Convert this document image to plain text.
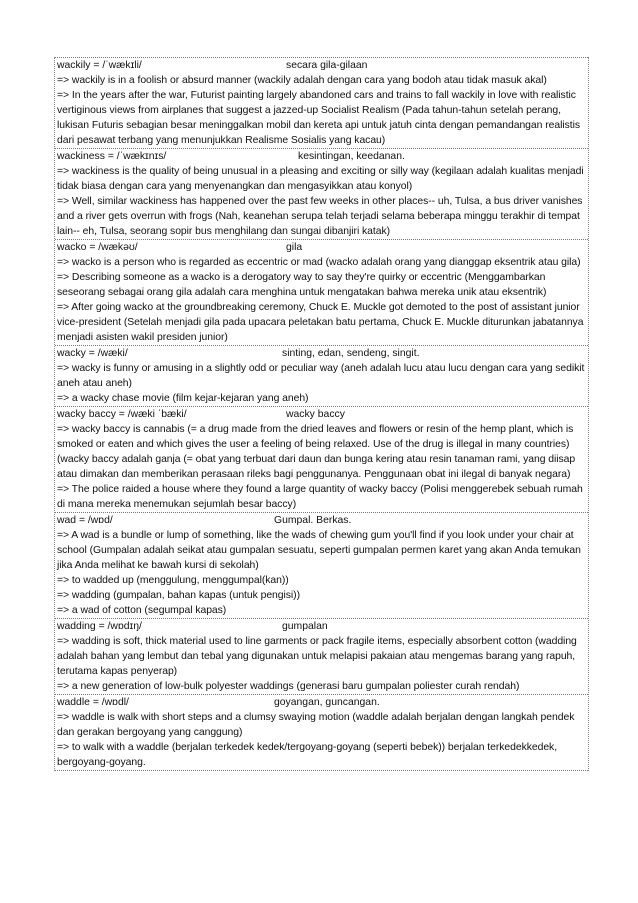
wackily = /ˈwækɪli/	secara gila-gilaan
=> wackily is in a foolish or absurd manner (wackily adalah dengan cara yang bodoh atau tidak masuk akal)
=> In the years after the war, Futurist painting largely abandoned cars and trains to fall wackily in love with realistic vertiginous views from airplanes that suggest a jazzed-up Socialist Realism (Pada tahun-tahun setelah perang, lukisan Futuris sebagian besar meninggalkan mobil dan kereta api untuk jatuh cinta dengan pemandangan realistis dari pesawat terbang yang menunjukkan Realisme Sosialis yang kacau)
wackiness = /ˈwækɪnɪs/	kesintingan, keedanan.
=> wackiness is the quality of being unusual in a pleasing and exciting or silly way (kegilaan adalah kualitas menjadi tidak biasa dengan cara yang menyenangkan dan mengasyikkan atau konyol)
=> Well, similar wackiness has happened over the past few weeks in other places-- uh, Tulsa, a bus driver vanishes and a river gets overrun with frogs (Nah, keanehan serupa telah terjadi selama beberapa minggu terakhir di tempat lain-- eh, Tulsa, seorang sopir bus menghilang dan sungai dibanjiri katak)
wacko = /wækəʊ/	gila
=> wacko is a person who is regarded as eccentric or mad (wacko adalah orang yang dianggap eksentrik atau gila)
=> Describing someone as a wacko is a derogatory way to say they're quirky or eccentric (Menggambarkan seseorang sebagai orang gila adalah cara menghina untuk mengatakan bahwa mereka unik atau eksentrik)
=> After going wacko at the groundbreaking ceremony, Chuck E. Muckle got demoted to the post of assistant junior vice-president (Setelah menjadi gila pada upacara peletakan batu pertama, Chuck E. Muckle diturunkan jabatannya menjadi asisten wakil presiden junior)
wacky = /wæki/	sinting, edan, sendeng, singit.
=> wacky is funny or amusing in a slightly odd or peculiar way (aneh adalah lucu atau lucu dengan cara yang sedikit aneh atau aneh)
=> a wacky chase movie (film kejar-kejaran yang aneh)
wacky baccy = /wæki ˈbæki/	wacky baccy
=> wacky baccy is cannabis (= a drug made from the dried leaves and flowers or resin of the hemp plant, which is smoked or eaten and which gives the user a feeling of being relaxed. Use of the drug is illegal in many countries) (wacky baccy adalah ganja (= obat yang terbuat dari daun dan bunga kering atau resin tanaman rami, yang diisap atau dimakan dan memberikan perasaan rileks bagi penggunanya. Penggunaan obat ini ilegal di banyak negara)
=> The police raided a house where they found a large quantity of wacky baccy (Polisi menggerebek sebuah rumah di mana mereka menemukan sejumlah besar baccy)
wad = /wɒd/	Gumpal. Berkas.
=> A wad is a bundle or lump of something, like the wads of chewing gum you'll find if you look under your chair at school (Gumpalan adalah seikat atau gumpalan sesuatu, seperti gumpalan permen karet yang akan Anda temukan jika Anda melihat ke bawah kursi di sekolah)
=> to wadded up (menggulung, menggumpal(kan))
=> wadding (gumpalan, bahan kapas (untuk pengisi))
=> a wad of cotton (segumpal kapas)
wadding = /wɒdɪŋ/	gumpalan
=> wadding is soft, thick material used to line garments or pack fragile items, especially absorbent cotton (wadding adalah bahan yang lembut dan tebal yang digunakan untuk melapisi pakaian atau mengemas barang yang rapuh, terutama kapas penyerap)
=> a new generation of low-bulk polyester waddings (generasi baru gumpalan poliester curah rendah)
waddle = /wɒdl/	goyangan, guncangan.
=> waddle is walk with short steps and a clumsy swaying motion (waddle adalah berjalan dengan langkah pendek dan gerakan bergoyang yang canggung)
=> to walk with a waddle (berjalan terkedek kedek/tergoyang-goyang (seperti bebek)) berjalan terkedekkedek, bergoyang-goyang.
